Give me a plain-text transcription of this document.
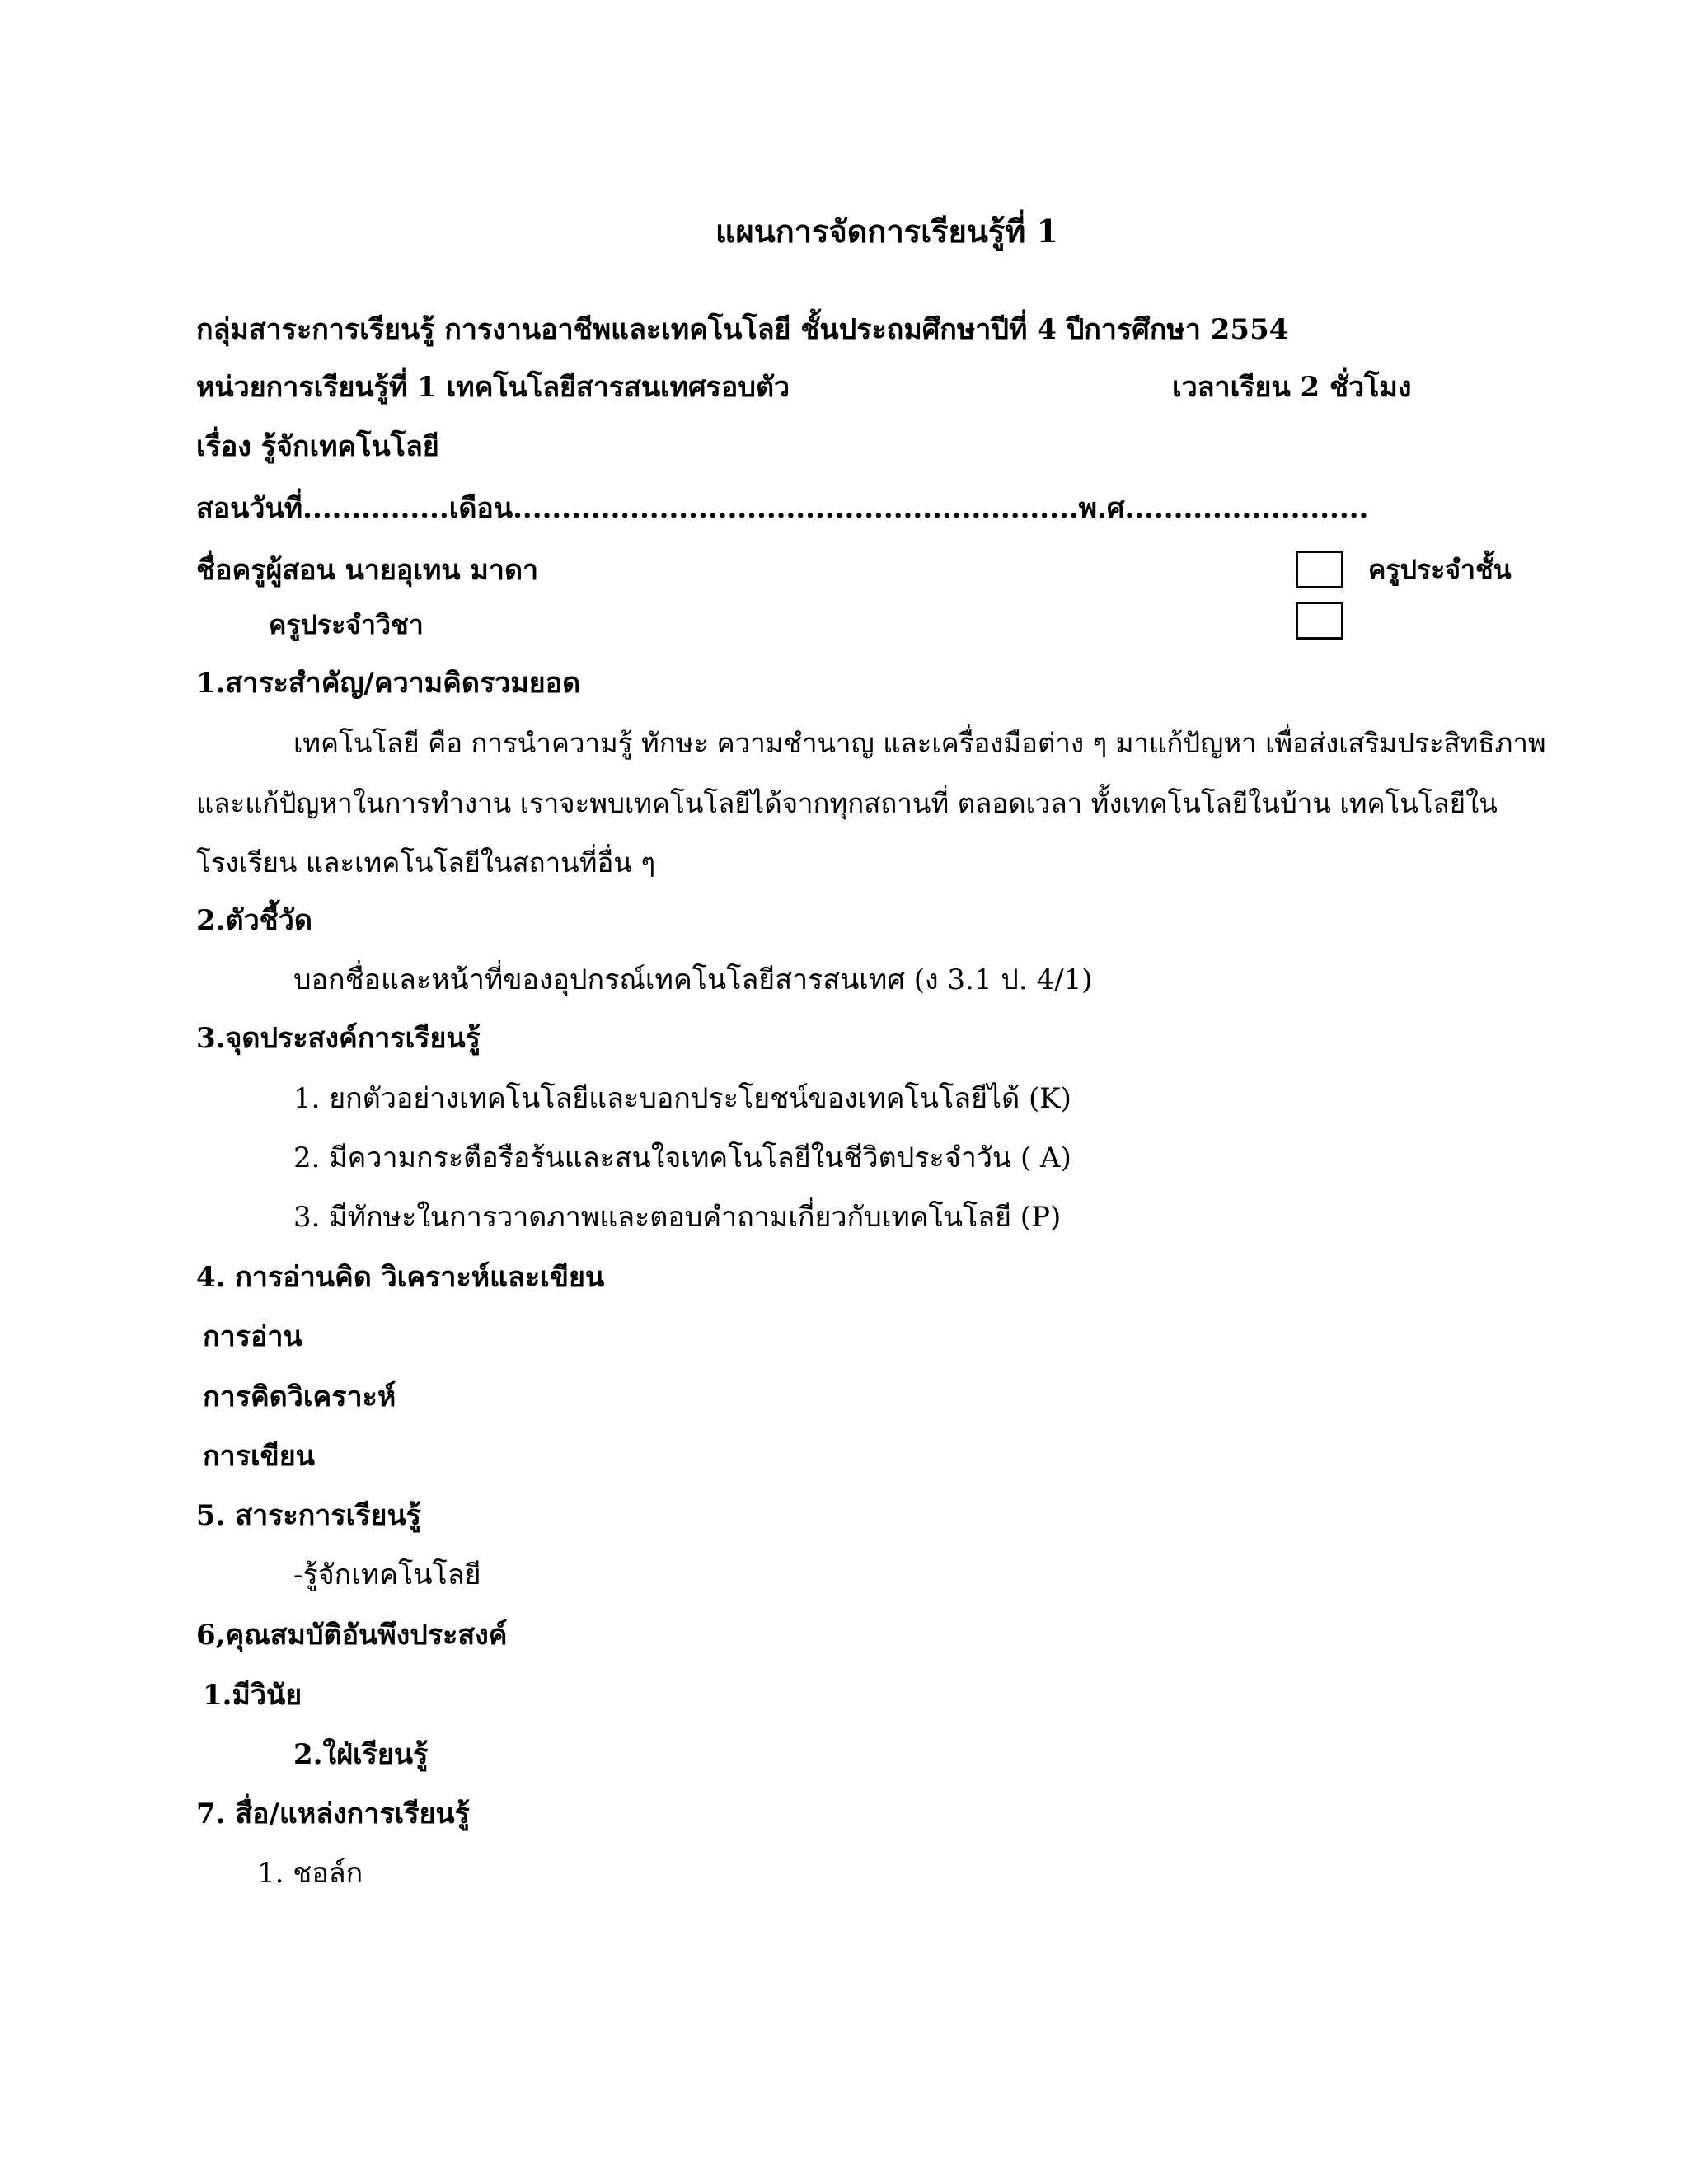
แผนการจัดการเรียนรู้ที่ 1
กลุ่มสาระการเรียนรู้ การงานอาชีพและเทคโนโลยี ชั้นประถมศึกษาปีที่ 4 ปีการศึกษา 2554
หน่วยการเรียนรู้ที่ 1 เทคโนโลยีสารสนเทศรอบตัว	เวลาเรียน 2 ชั่วโมง
เรื่อง รู้จักเทคโนโลยี
สอนวันที่...............เดือน..........................................................พ.ศ.........................
ชื่อครูผู้สอน นายอุเทน มาดา	ครูประจำชั้น
ครูประจำวิชา
1.สาระสำคัญ/ความคิดรวมยอด
เทคโนโลยี คือ การนำความรู้ ทักษะ ความชำนาญ และเครื่องมือต่าง ๆ มาแก้ปัญหา เพื่อส่งเสริมประสิทธิภาพ
และแก้ปัญหาในการทำงาน เราจะพบเทคโนโลยีได้จากทุกสถานที่ ตลอดเวลา ทั้งเทคโนโลยีในบ้าน เทคโนโลยีใน
โรงเรียน และเทคโนโลยีในสถานที่อื่น ๆ
2.ตัวชี้วัด
บอกชื่อและหน้าที่ของอุปกรณ์เทคโนโลยีสารสนเทศ (ง 3.1 ป. 4/1)
3.จุดประสงค์การเรียนรู้
1. ยกตัวอย่างเทคโนโลยีและบอกประโยชน์ของเทคโนโลยีได้ (K)
2. มีความกระตือรือร้นและสนใจเทคโนโลยีในชีวิตประจำวัน ( A)
3. มีทักษะในการวาดภาพและตอบคำถามเกี่ยวกับเทคโนโลยี (P)
4. การอ่านคิด วิเคราะห์และเขียน
การอ่าน
การคิดวิเคราะห์
การเขียน
5. สาระการเรียนรู้
-รู้จักเทคโนโลยี
6,คุณสมบัติอันพึงประสงค์
1.มีวินัย
2.ใฝ่เรียนรู้
7. สื่อ/แหล่งการเรียนรู้
1. ชอล์ก
